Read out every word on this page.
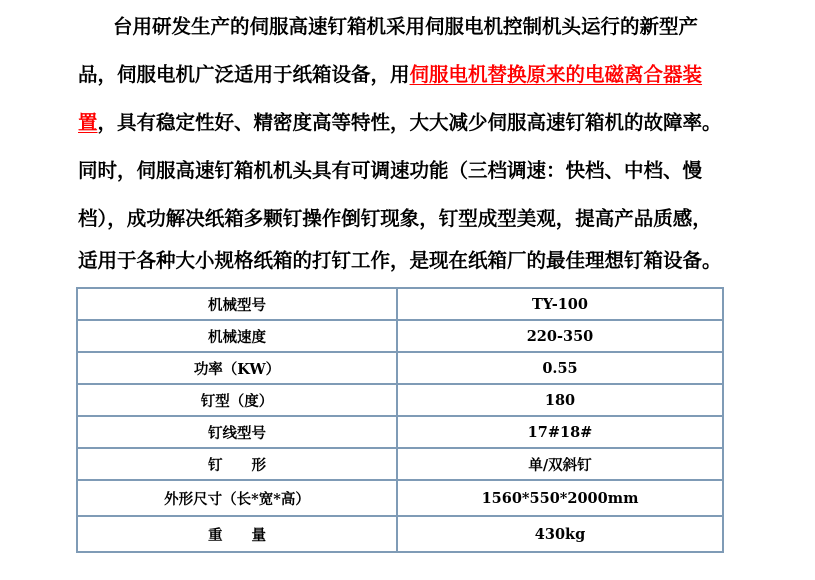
台用研发生产的伺服高速钉箱机采用伺服电机控制机头运行的新型产
品，伺服电机广泛适用于纸箱设备，用伺服电机替换原来的电磁离合器装
置，具有稳定性好、精密度高等特性，大大减少伺服高速钉箱机的故障率。
同时，伺服高速钉箱机机头具有可调速功能（三档调速：快档、中档、慢
档），成功解决纸箱多颗钉操作倒钉现象，钉型成型美观，提高产品质感，
适用于各种大小规格纸箱的打钉工作，是现在纸箱厂的最佳理想钉箱设备。
机械型号	TY-100
机械速度	220-350
功率（KW）	0.55
钉型（度）	180
钉线型号	17#18#
钉　　形	单/双斜钉
外形尺寸（长*宽*高）	1560*550*2000mm
重　　量	430kg
